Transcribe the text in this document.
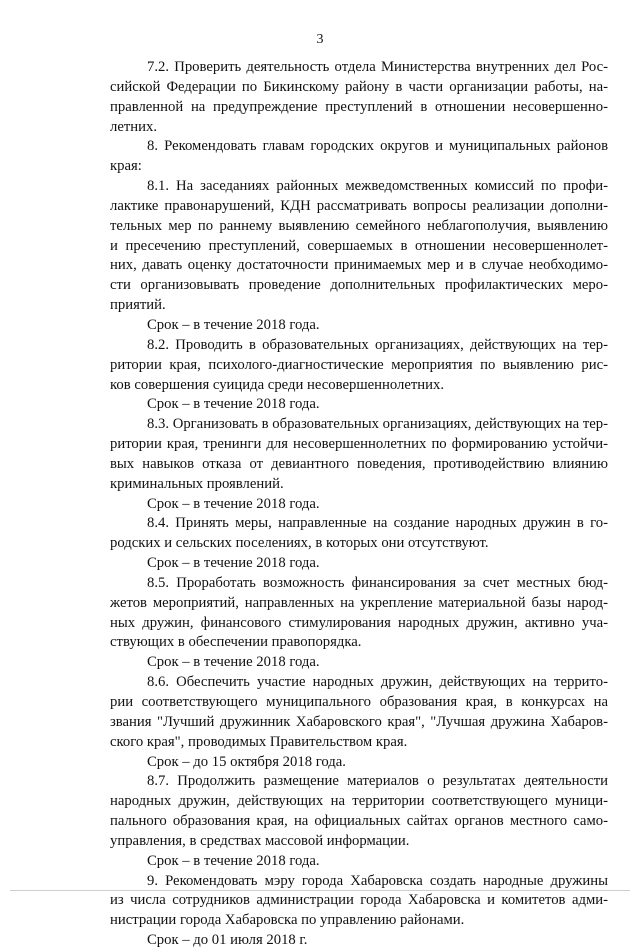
3
7.2. Проверить деятельность отдела Министерства внутренних дел Рос-
сийской Федерации по Бикинскому району в части организации работы, на-
правленной на предупреждение преступлений в отношении несовершенно-
летних.
8. Рекомендовать главам городских округов и муниципальных районов
края:
8.1. На заседаниях районных межведомственных комиссий по профи-
лактике правонарушений, КДН рассматривать вопросы реализации дополни-
тельных мер по раннему выявлению семейного неблагополучия, выявлению
и пресечению преступлений, совершаемых в отношении несовершеннолет-
них, давать оценку достаточности принимаемых мер и в случае необходимо-
сти организовывать проведение дополнительных профилактических меро-
приятий.
Срок – в течение 2018 года.
8.2. Проводить в образовательных организациях, действующих на тер-
ритории края, психолого-диагностические мероприятия по выявлению рис-
ков совершения суицида среди несовершеннолетних.
Срок – в течение 2018 года.
8.3. Организовать в образовательных организациях, действующих на тер-
ритории края, тренинги для несовершеннолетних по формированию устойчи-
вых навыков отказа от девиантного поведения, противодействию влиянию
криминальных проявлений.
Срок – в течение 2018 года.
8.4. Принять меры, направленные на создание народных дружин в го-
родских и сельских поселениях, в которых они отсутствуют.
Срок – в течение 2018 года.
8.5. Проработать возможность финансирования за счет местных бюд-
жетов мероприятий, направленных на укрепление материальной базы народ-
ных дружин, финансового стимулирования народных дружин, активно уча-
ствующих в обеспечении правопорядка.
Срок – в течение 2018 года.
8.6. Обеспечить участие народных дружин, действующих на террито-
рии соответствующего муниципального образования края, в конкурсах на
звания "Лучший дружинник Хабаровского края", "Лучшая дружина Хабаров-
ского края", проводимых Правительством края.
Срок – до 15 октября 2018 года.
8.7. Продолжить размещение материалов о результатах деятельности
народных дружин, действующих на территории соответствующего муници-
пального образования края, на официальных сайтах органов местного само-
управления, в средствах массовой информации.
Срок – в течение 2018 года.
9. Рекомендовать мэру города Хабаровска создать народные дружины
из числа сотрудников администрации города Хабаровска и комитетов адми-
нистрации города Хабаровска по управлению районами.
Срок – до 01 июля 2018 г.
